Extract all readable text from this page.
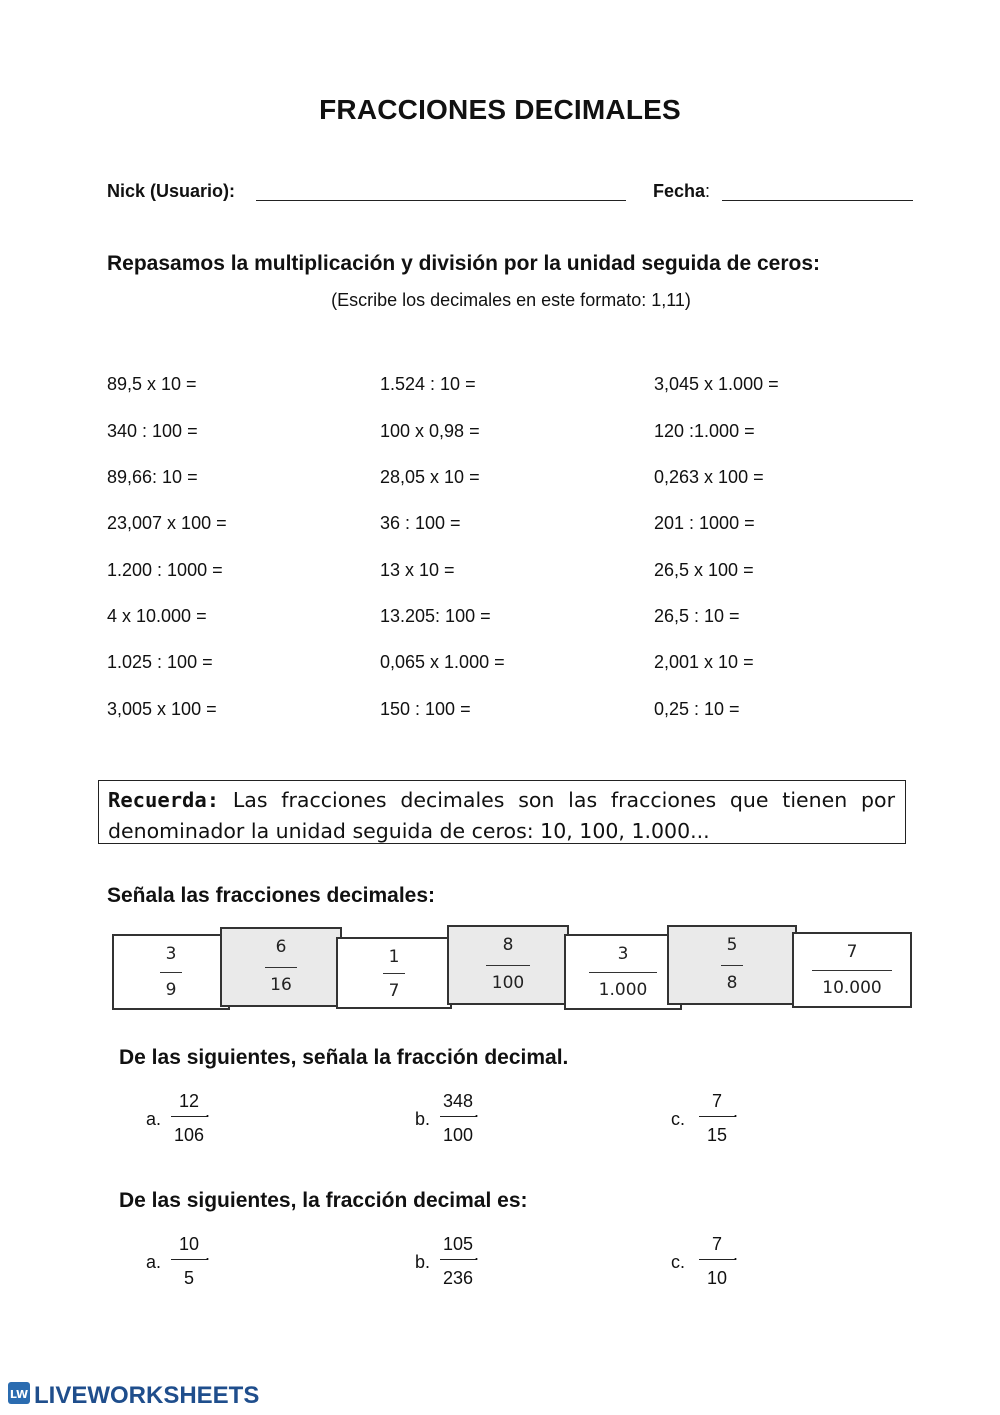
FRACCIONES DECIMALES
Nick (Usuario):	Fecha:
Repasamos la multiplicación y división por la unidad seguida de ceros:
(Escribe los decimales en este formato: 1,11)
89,5 x 10 =	1.524 : 10 =	3,045 x 1.000 =
340 : 100 =	100 x 0,98 =	120 :1.000 =
89,66: 10 =	28,05 x 10 =	0,263 x 100 =
23,007 x 100 =	36 : 100 =	201 : 1000 =
1.200 : 1000 =	13 x 10 =	26,5 x 100 =
4 x 10.000 =	13.205: 100 =	26,5 : 10 =
1.025 : 100 =	0,065 x 1.000 =	2,001 x 10 =
3,005 x 100 =	150 : 100 =	0,25 : 10 =
Recuerda: Las fracciones decimales son las fracciones que tienen por denominador la unidad seguida de ceros: 10, 100, 1.000...
Señala las fracciones decimales:
3
9
6
16
1
7
8
100
3
1.000
5
8
7
10.000
De las siguientes, señala la fracción decimal.
a.
12
106
.	b.
348
100
.	c.
7
15
.
De las siguientes, la fracción decimal es:
a.
10
5
.	b.
105
236
.	c.
7
10
.
LW LIVEWORKSHEETS
